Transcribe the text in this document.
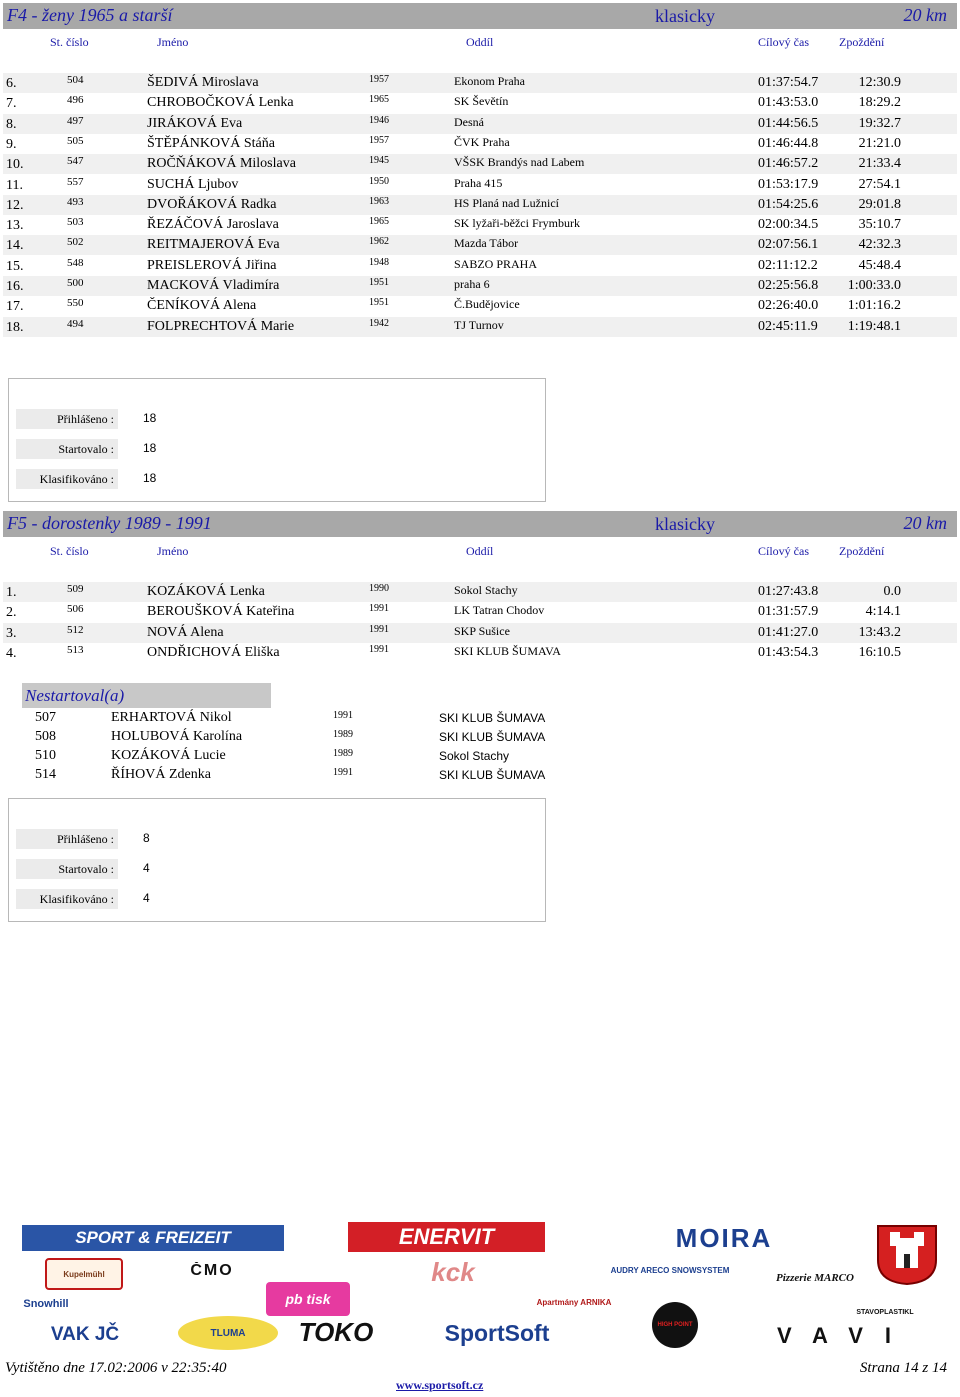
F4 - ženy 1965 a starší	klasicky	20 km
St. číslo	Jméno	Oddíl	Cílový čas	Zpoždění
6.	504	ŠEDIVÁ Miroslava	1957	Ekonom Praha	01:37:54.7	12:30.9
7.	496	CHROBOČKOVÁ Lenka	1965	SK Ševětín	01:43:53.0	18:29.2
8.	497	JIRÁKOVÁ Eva	1946	Desná	01:44:56.5	19:32.7
9.	505	ŠTĚPÁNKOVÁ Stáňa	1957	ČVK Praha	01:46:44.8	21:21.0
10.	547	ROČŇÁKOVÁ Miloslava	1945	VŠSK Brandýs nad Labem	01:46:57.2	21:33.4
11.	557	SUCHÁ Ljubov	1950	Praha 415	01:53:17.9	27:54.1
12.	493	DVOŘÁKOVÁ Radka	1963	HS Planá nad Lužnicí	01:54:25.6	29:01.8
13.	503	ŘEZÁČOVÁ Jaroslava	1965	SK lyžaři-běžci Frymburk	02:00:34.5	35:10.7
14.	502	REITMAJEROVÁ Eva	1962	Mazda Tábor	02:07:56.1	42:32.3
15.	548	PREISLEROVÁ Jiřina	1948	SABZO PRAHA	02:11:12.2	45:48.4
16.	500	MACKOVÁ Vladimíra	1951	praha 6	02:25:56.8	1:00:33.0
17.	550	ČENÍKOVÁ Alena	1951	Č.Budějovice	02:26:40.0	1:01:16.2
18.	494	FOLPRECHTOVÁ Marie	1942	TJ Turnov	02:45:11.9	1:19:48.1
Přihlášeno :	18
Startovalo :	18
Klasifikováno :	18
F5 - dorostenky 1989 - 1991	klasicky	20 km
St. číslo	Jméno	Oddíl	Cílový čas	Zpoždění
1.	509	KOZÁKOVÁ Lenka	1990	Sokol Stachy	01:27:43.8	0.0
2.	506	BEROUŠKOVÁ Kateřina	1991	LK Tatran Chodov	01:31:57.9	4:14.1
3.	512	NOVÁ Alena	1991	SKP Sušice	01:41:27.0	13:43.2
4.	513	ONDŘICHOVÁ Eliška	1991	SKI KLUB ŠUMAVA	01:43:54.3	16:10.5
Nestartoval(a)
507	ERHARTOVÁ Nikol	1991	SKI KLUB ŠUMAVA
508	HOLUBOVÁ Karolína	1989	SKI KLUB ŠUMAVA
510	KOZÁKOVÁ Lucie	1989	Sokol Stachy
514	ŘÍHOVÁ Zdenka	1991	SKI KLUB ŠUMAVA
Přihlášeno :	8
Startovalo :	4
Klasifikováno :	4
SPORT & FREIZEIT	ENERVIT	MOIRA
AUDRY ARECO SNOWSYSTEM
Kupelmühl	ČMO	kck	Pizzerie MARCO
Snowhill	pb tisk	Apartmány ARNIKA
STAVOPLASTIKL
VAK JČ	TLUMA	TOKO	SportSoft	HIGH POINT	VAVI
Vytištěno dne 17.02:2006 v 22:35:40	Strana 14 z 14
www.sportsoft.cz
